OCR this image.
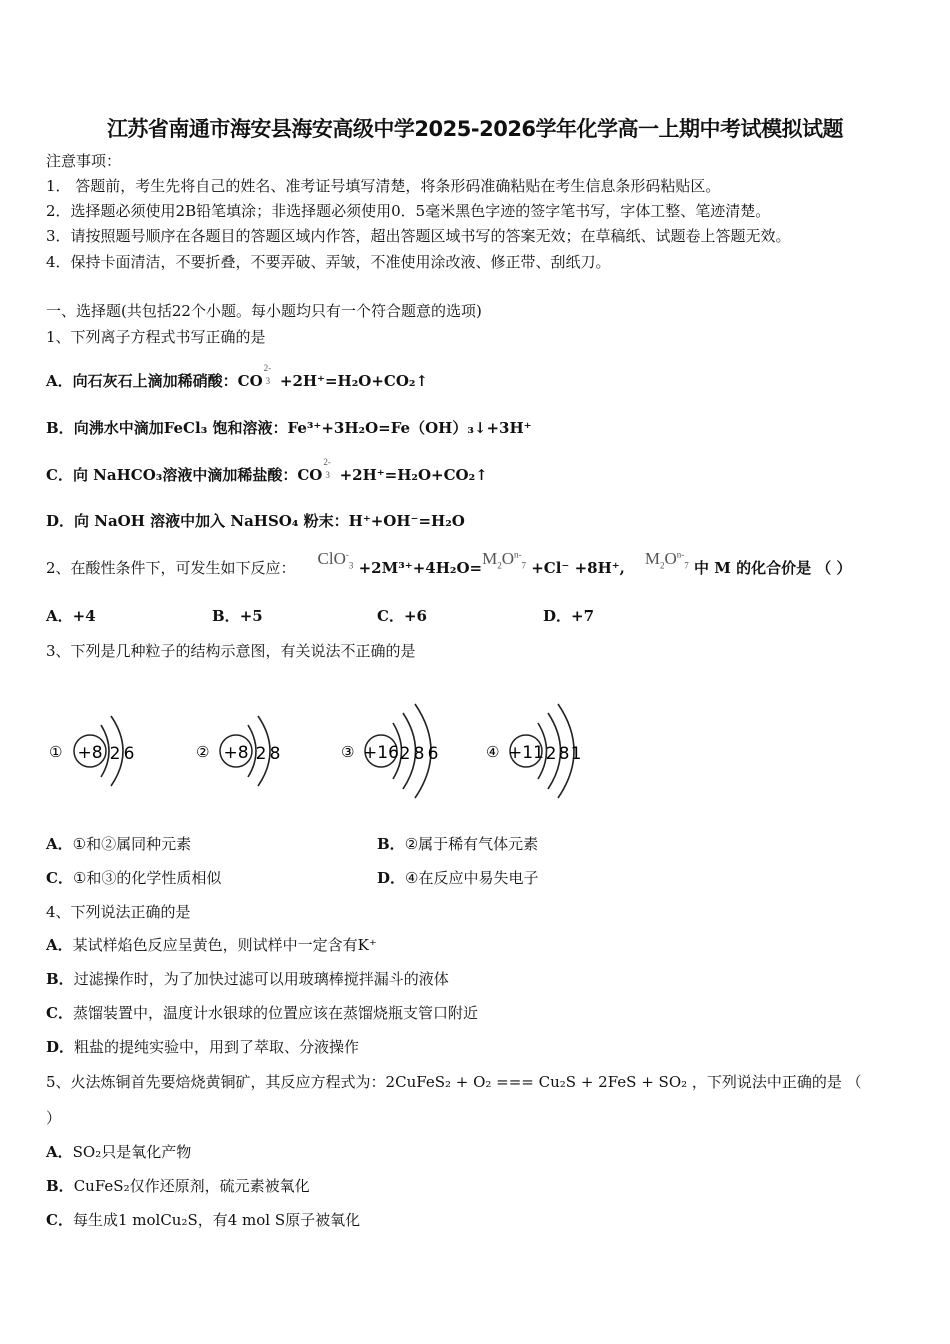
江苏省南通市海安县海安高级中学2025-2026学年化学高一上期中考试模拟试题
注意事项：
1． 答题前，考生先将自己的姓名、准考证号填写清楚，将条形码准确粘贴在考生信息条形码粘贴区。
2．选择题必须使用2B铅笔填涂；非选择题必须使用0．5毫米黑色字迹的签字笔书写，字体工整、笔迹清楚。
3．请按照题号顺序在各题目的答题区域内作答，超出答题区域书写的答案无效；在草稿纸、试题卷上答题无效。
4．保持卡面清洁，不要折叠，不要弄破、弄皱，不准使用涂改液、修正带、刮纸刀。
一、选择题(共包括22个小题。每小题均只有一个符合题意的选项)
1、下列离子方程式书写正确的是
A．向石灰石上滴加稀硝酸：CO
2-
3 +2H⁺=H₂O+CO₂↑
B．向沸水中滴加FeCl₃ 饱和溶液：Fe³⁺+3H₂O=Fe（OH）₃↓+3H⁺
C．向 NaHCO₃溶液中滴加稀盐酸：CO
2-
3 +2H⁺=H₂O+CO₂↑
D．向 NaOH 溶液中加入 NaHSO₄ 粉末：H⁺+OH⁻=H₂O
2、在酸性条件下，可发生如下反应： $ClO^-_3 +2M^{3+}+4H_2O=M_2O^{n-}_7 +Cl^- +8H^+$, $M_2O^{n-}_7$ 中 M 的化合价是 （ ）
A．+4	B．+5	C．+6	D．+7
3、下列是几种粒子的结构示意图，有关说法不正确的是
① +8 2 6	② +8 2 8	③ +16 2 8 6	④ +11 2 8 1
A．①和②属同种元素	B．②属于稀有气体元素
C．①和③的化学性质相似	D．④在反应中易失电子
4、下列说法正确的是
A．某试样焰色反应呈黄色，则试样中一定含有K⁺
B．过滤操作时，为了加快过滤可以用玻璃棒搅拌漏斗的液体
C．蒸馏装置中，温度计水银球的位置应该在蒸馏烧瓶支管口附近
D．粗盐的提纯实验中，用到了萃取、分液操作
5、火法炼铜首先要焙烧黄铜矿，其反应方程式为：2CuFeS₂ + O₂ === Cu₂S + 2FeS + SO₂ ，下列说法中正确的是 （
）
A．SO₂只是氧化产物
B．CuFeS₂仅作还原剂，硫元素被氧化
C．每生成1 molCu₂S，有4 mol S原子被氧化
